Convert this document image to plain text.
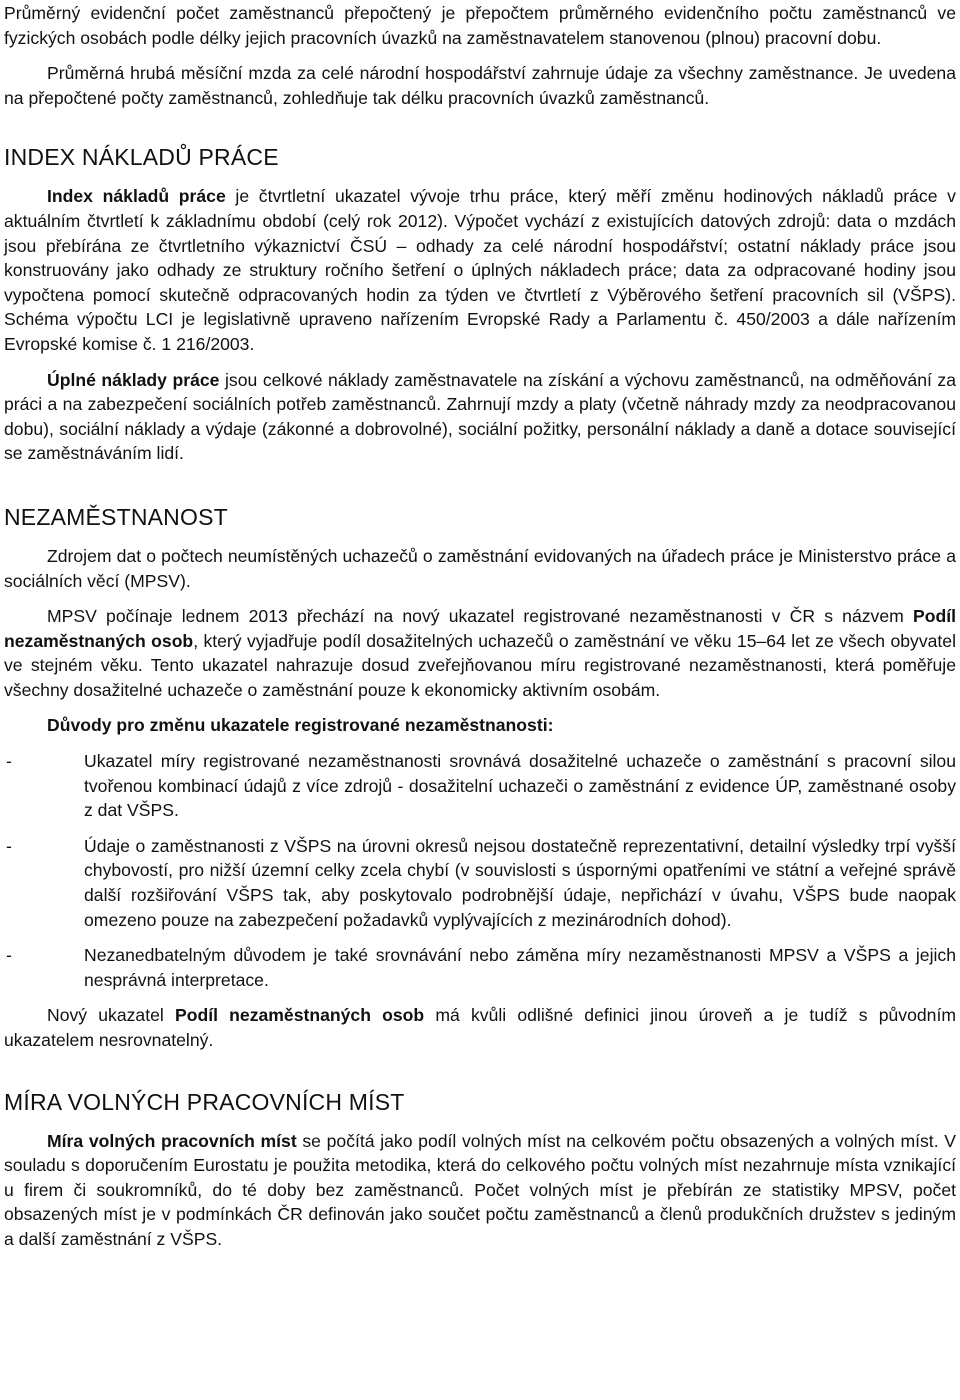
Průměrný evidenční počet zaměstnanců přepočtený je přepočtem průměrného evidenčního počtu zaměstnanců ve fyzických osobách podle délky jejich pracovních úvazků na zaměstnavatelem stanovenou (plnou) pracovní dobu.

Průměrná hrubá měsíční mzda za celé národní hospodářství zahrnuje údaje za všechny zaměstnance. Je uvedena na přepočtené počty zaměstnanců, zohledňuje tak délku pracovních úvazků zaměstnanců.

INDEX NÁKLADŮ PRÁCE

Index nákladů práce je čtvrtletní ukazatel vývoje trhu práce, který měří změnu hodinových nákladů práce v aktuálním čtvrtletí k základnímu období (celý rok 2012). Výpočet vychází z existujících datových zdrojů: data o mzdách jsou přebírána ze čtvrtletního výkaznictví ČSÚ – odhady za celé národní hospodářství; ostatní náklady práce jsou konstruovány jako odhady ze struktury ročního šetření o úplných nákladech práce; data za odpracované hodiny jsou vypočtena pomocí skutečně odpracovaných hodin za týden ve čtvrtletí z Výběrového šetření pracovních sil (VŠPS). Schéma výpočtu LCI je legislativně upraveno nařízením Evropské Rady a Parlamentu č. 450/2003 a dále nařízením Evropské komise č. 1 216/2003.

Úplné náklady práce jsou celkové náklady zaměstnavatele na získání a výchovu zaměstnanců, na odměňování za práci a na zabezpečení sociálních potřeb zaměstnanců. Zahrnují mzdy a platy (včetně náhrady mzdy za neodpracovanou dobu), sociální náklady a výdaje (zákonné a dobrovolné), sociální požitky, personální náklady a daně a dotace související se zaměstnáváním lidí.

NEZAMĚSTNANOST

Zdrojem dat o počtech neumístěných uchazečů o zaměstnání evidovaných na úřadech práce je Ministerstvo práce a sociálních věcí (MPSV).

MPSV počínaje lednem 2013 přechází na nový ukazatel registrované nezaměstnanosti v ČR s názvem Podíl nezaměstnaných osob, který vyjadřuje podíl dosažitelných uchazečů o zaměstnání ve věku 15–64 let ze všech obyvatel ve stejném věku. Tento ukazatel nahrazuje dosud zveřejňovanou míru registrované nezaměstnanosti, která poměřuje všechny dosažitelné uchazeče o zaměstnání pouze k ekonomicky aktivním osobám.

Důvody pro změnu ukazatele registrované nezaměstnanosti:

-	Ukazatel míry registrované nezaměstnanosti srovnává dosažitelné uchazeče o zaměstnání s pracovní silou tvořenou kombinací údajů z více zdrojů - dosažitelní uchazeči o zaměstnání z evidence ÚP, zaměstnané osoby z dat VŠPS.
-	Údaje o zaměstnanosti z VŠPS na úrovni okresů nejsou dostatečně reprezentativní, detailní výsledky trpí vyšší chybovostí, pro nižší územní celky zcela chybí (v souvislosti s úspornými opatřeními ve státní a veřejné správě další rozšiřování VŠPS tak, aby poskytovalo podrobnější údaje, nepřichází v úvahu, VŠPS bude naopak omezeno pouze na zabezpečení požadavků vyplývajících z mezinárodních dohod).
-	Nezanedbatelným důvodem je také srovnávání nebo záměna míry nezaměstnanosti MPSV a VŠPS a jejich nesprávná interpretace.

Nový ukazatel Podíl nezaměstnaných osob má kvůli odlišné definici jinou úroveň a je tudíž s původním ukazatelem nesrovnatelný.

MÍRA VOLNÝCH PRACOVNÍCH MÍST

Míra volných pracovních míst se počítá jako podíl volných míst na celkovém počtu obsazených a volných míst. V souladu s doporučením Eurostatu je použita metodika, která do celkového počtu volných míst nezahrnuje místa vznikající u firem či soukromníků, do té doby bez zaměstnanců. Počet volných míst je přebírán ze statistiky MPSV, počet obsazených míst je v podmínkách ČR definován jako součet počtu zaměstnanců a členů produkčních družstev s jediným a další zaměstnání z VŠPS.
